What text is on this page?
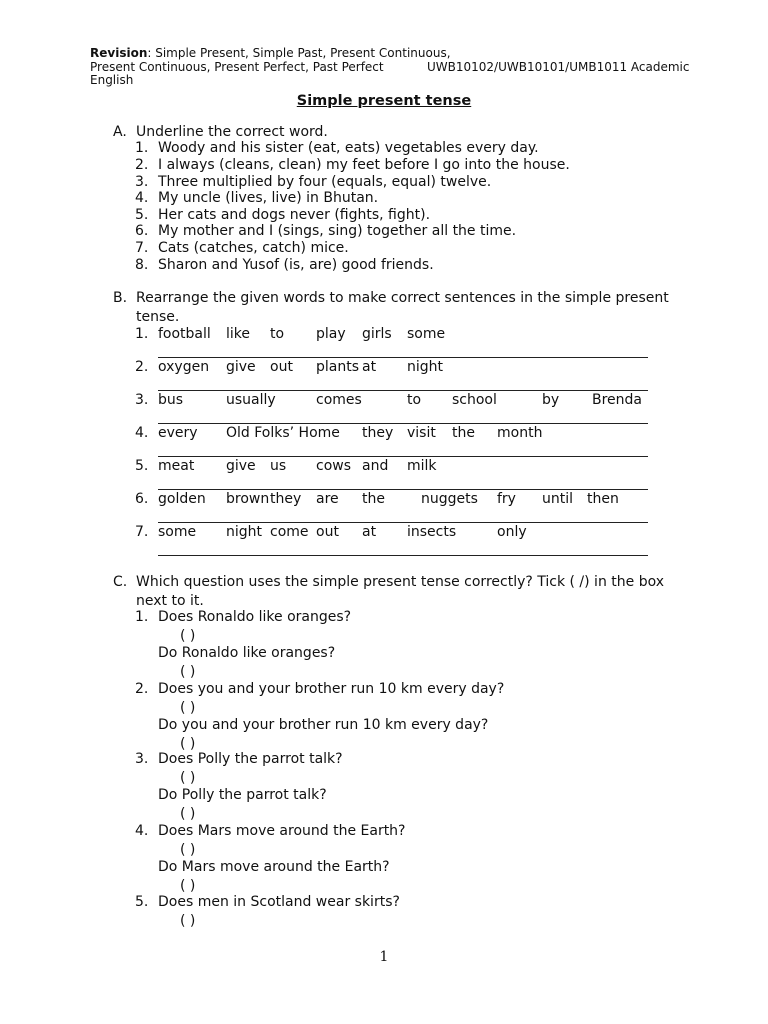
Revision: Simple Present, Simple Past, Present Continuous,
Present Continuous, Present Perfect, Past Perfect	UWB10102/UWB10101/UMB1011 Academic
English
Simple present tense
A. Underline the correct word.
1. Woody and his sister (eat, eats) vegetables every day.
2. I always (cleans, clean) my feet before I go into the house.
3. Three multiplied by four (equals, equal) twelve.
4. My uncle (lives, live) in Bhutan.
5. Her cats and dogs never (fights, fight).
6. My mother and I (sings, sing) together all the time.
7. Cats (catches, catch) mice.
8. Sharon and Yusof (is, are) good friends.
B. Rearrange the given words to make correct sentences in the simple present
tense.
1. football like to play girls some
2. oxygen give out plants at night
3. bus	usually	comes	to school	by Brenda
4. every Old Folks’ Home they visit the month
5. meat give us cows and milk
6. golden brown they are the	nuggets fry until then
7. some night come out at insects	only
C. Which question uses the simple present tense correctly? Tick ( /) in the box
next to it.
1. Does Ronaldo like oranges?
( )
Do Ronaldo like oranges?
( )
2. Does you and your brother run 10 km every day?
( )
Do you and your brother run 10 km every day?
( )
3. Does Polly the parrot talk?
( )
Do Polly the parrot talk?
( )
4. Does Mars move around the Earth?
( )
Do Mars move around the Earth?
( )
5. Does men in Scotland wear skirts?
( )
1
